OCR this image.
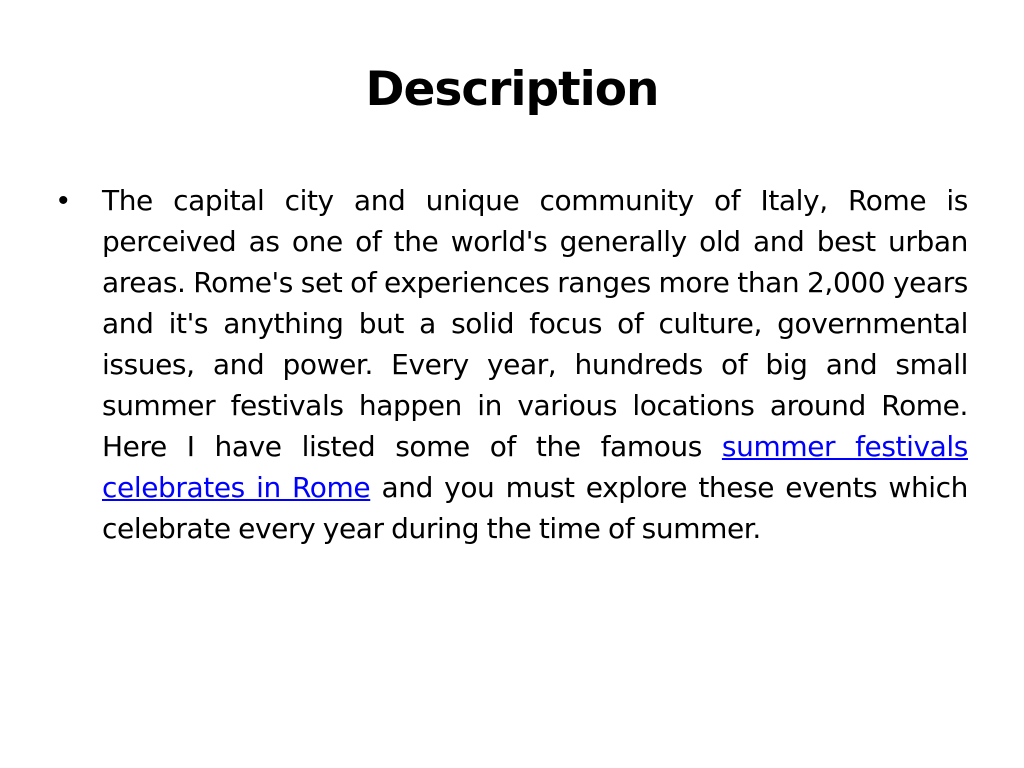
Description
•	The capital city and unique community of Italy, Rome is perceived as one of the world's generally old and best urban areas. Rome's set of experiences ranges more than 2,000 years and it's anything but a solid focus of culture, governmental issues, and power. Every year, hundreds of big and small summer festivals happen in various locations around Rome. Here I have listed some of the famous summer festivals celebrates in Rome and you must explore these events which celebrate every year during the time of summer.
